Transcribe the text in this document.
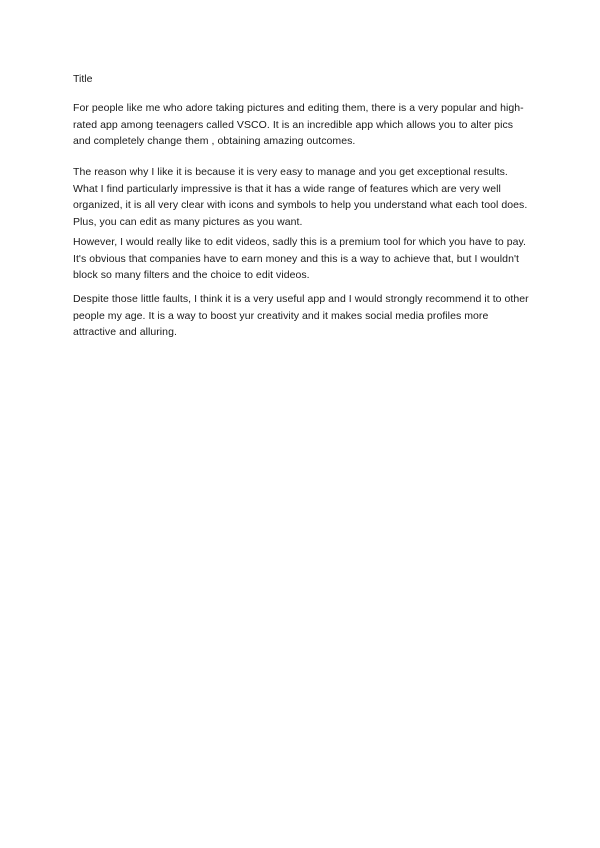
Title

For people like me who adore taking pictures and editing them, there is a very popular and high-rated app among teenagers called VSCO. It is an incredible app which allows you to alter pics and completely change them , obtaining amazing outcomes.

The reason why I like it is because it is very easy to manage and you get exceptional results. What I find particularly impressive is that it has a wide range of features which are very well organized, it is all very clear with icons and symbols to help you understand what each tool does. Plus, you can edit as many pictures as you want.

However, I would really like to edit videos, sadly this is a premium tool for which you have to pay. It's obvious that companies have to earn money and this is a way to achieve that, but I wouldn't block so many filters and the choice to edit videos.

Despite those little faults, I think it is a very useful app and I would strongly recommend it to other people my age. It is a way to boost yur creativity and it makes social media profiles more attractive and alluring.
